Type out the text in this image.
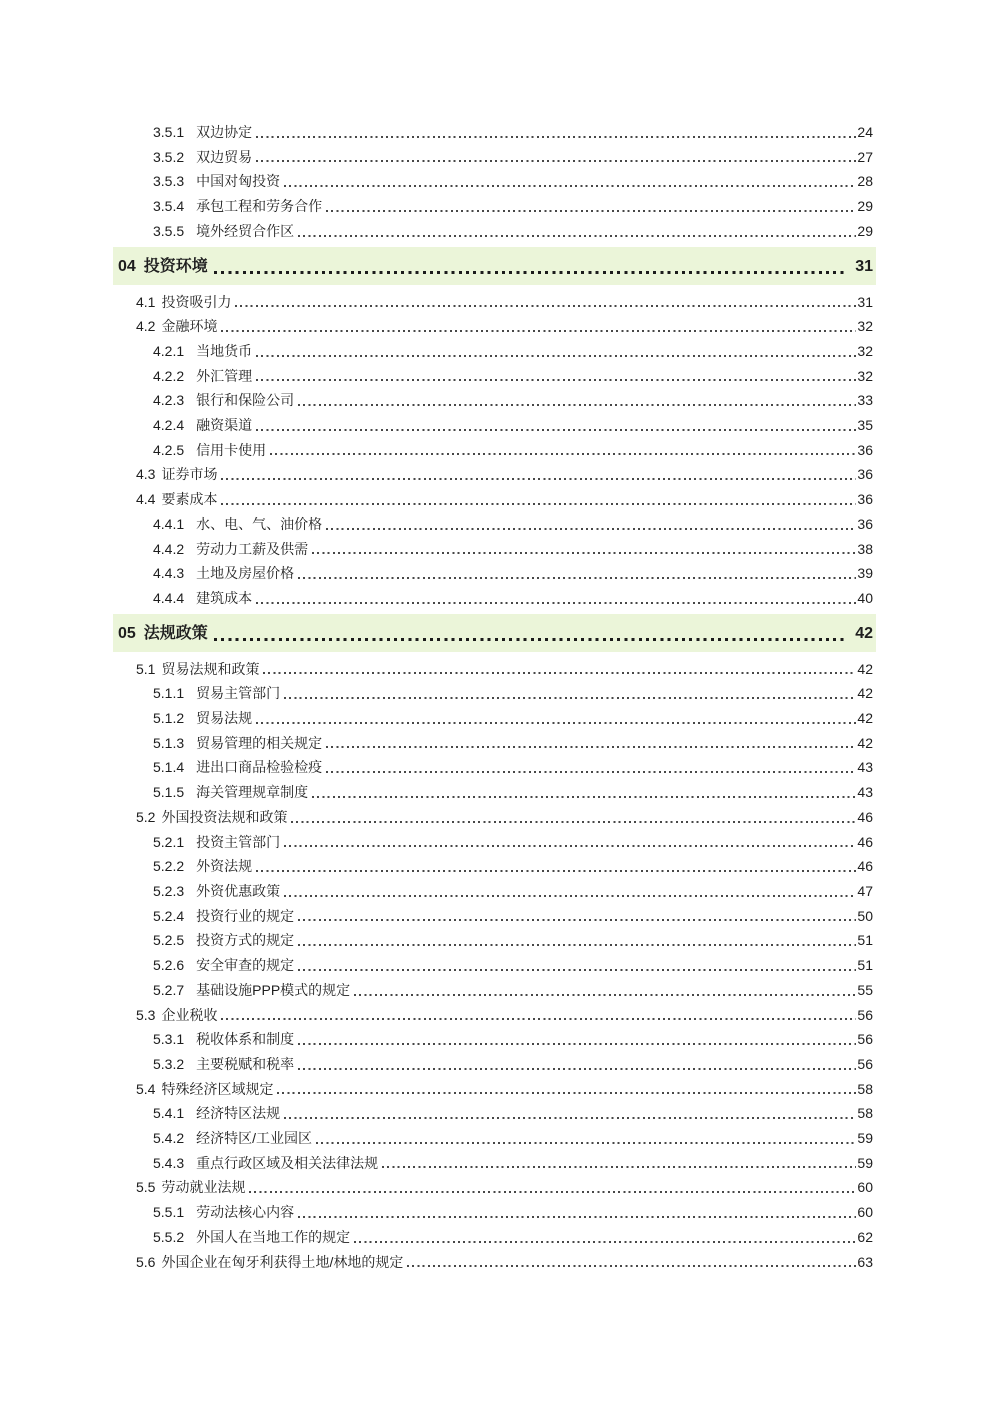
3.5.1 双边协定	24
3.5.2 双边贸易	27
3.5.3 中国对匈投资	28
3.5.4 承包工程和劳务合作	29
3.5.5 境外经贸合作区	29
04 投资环境	31
4.1 投资吸引力	31
4.2 金融环境	32
4.2.1 当地货币	32
4.2.2 外汇管理	32
4.2.3 银行和保险公司	33
4.2.4 融资渠道	35
4.2.5 信用卡使用	36
4.3 证券市场	36
4.4 要素成本	36
4.4.1 水、电、气、油价格	36
4.4.2 劳动力工薪及供需	38
4.4.3 土地及房屋价格	39
4.4.4 建筑成本	40
05 法规政策	42
5.1 贸易法规和政策	42
5.1.1 贸易主管部门	42
5.1.2 贸易法规	42
5.1.3 贸易管理的相关规定	42
5.1.4 进出口商品检验检疫	43
5.1.5 海关管理规章制度	43
5.2 外国投资法规和政策	46
5.2.1 投资主管部门	46
5.2.2 外资法规	46
5.2.3 外资优惠政策	47
5.2.4 投资行业的规定	50
5.2.5 投资方式的规定	51
5.2.6 安全审查的规定	51
5.2.7 基础设施PPP模式的规定	55
5.3 企业税收	56
5.3.1 税收体系和制度	56
5.3.2 主要税赋和税率	56
5.4 特殊经济区域规定	58
5.4.1 经济特区法规	58
5.4.2 经济特区/工业园区	59
5.4.3 重点行政区域及相关法律法规	59
5.5 劳动就业法规	60
5.5.1 劳动法核心内容	60
5.5.2 外国人在当地工作的规定	62
5.6 外国企业在匈牙利获得土地/林地的规定	63
